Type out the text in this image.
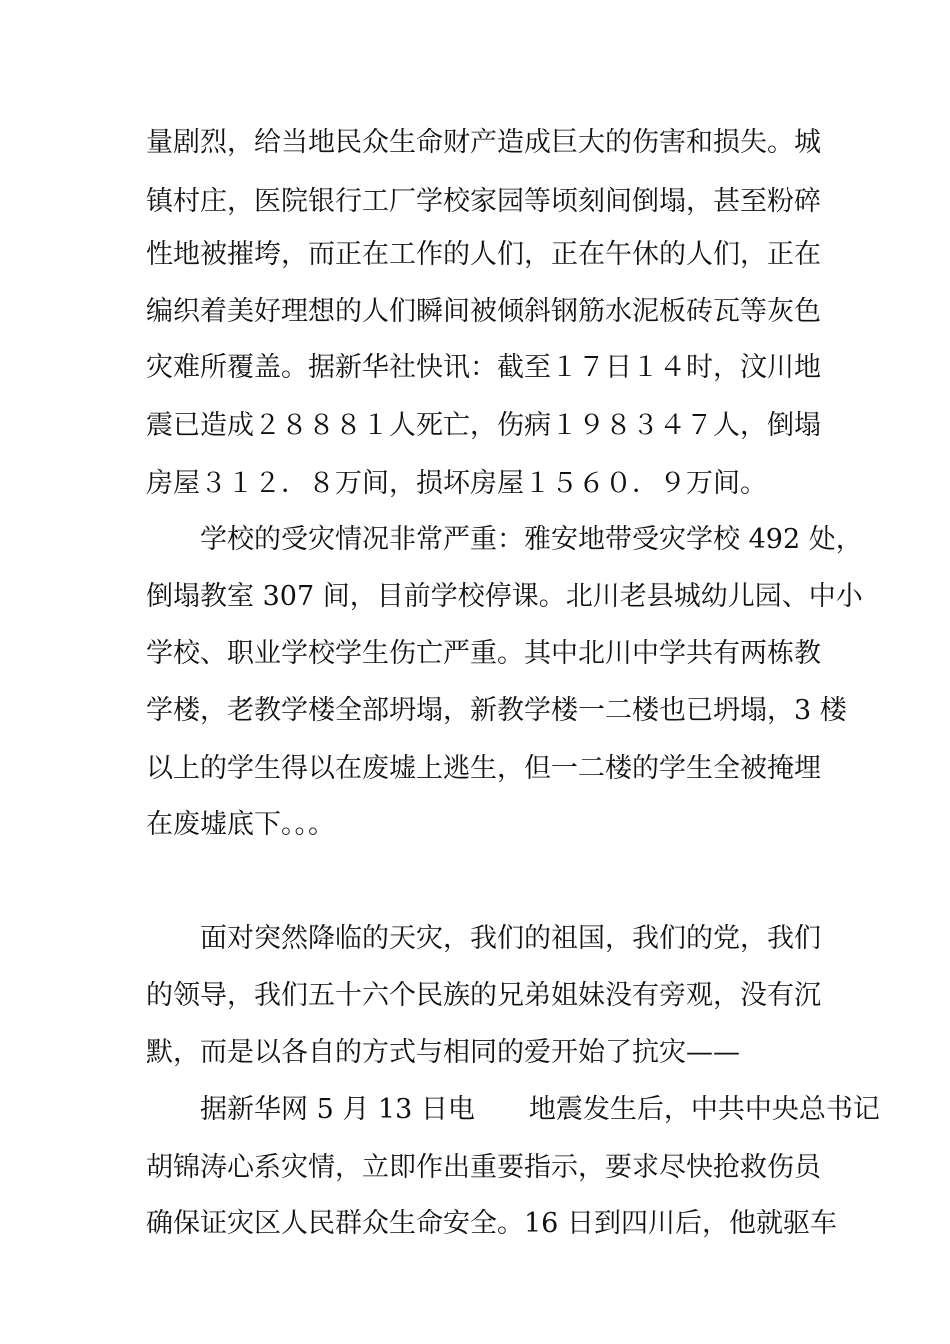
量剧烈，给当地民众生命财产造成巨大的伤害和损失。城
镇村庄，医院银行工厂学校家园等顷刻间倒塌，甚至粉碎
性地被摧垮，而正在工作的人们，正在午休的人们，正在
编织着美好理想的人们瞬间被倾斜钢筋水泥板砖瓦等灰色
灾难所覆盖。据新华社快讯：截至１７日１４时，汶川地
震已造成２８８８１人死亡，伤病１９８３４７人，倒塌
房屋３１２．８万间，损坏房屋１５６０．９万间。
学校的受灾情况非常严重：雅安地带受灾学校 492 处，
倒塌教室 307 间，目前学校停课。北川老县城幼儿园、中小
学校、职业学校学生伤亡严重。其中北川中学共有两栋教
学楼，老教学楼全部坍塌，新教学楼一二楼也已坍塌，3 楼
以上的学生得以在废墟上逃生，但一二楼的学生全被掩埋
在废墟底下。。。
面对突然降临的天灾，我们的祖国，我们的党，我们
的领导，我们五十六个民族的兄弟姐妹没有旁观，没有沉
默，而是以各自的方式与相同的爱开始了抗灾——
据新华网 5 月 13 日电　　地震发生后，中共中央总书记
胡锦涛心系灾情，立即作出重要指示，要求尽快抢救伤员
确保证灾区人民群众生命安全。16 日到四川后，他就驱车
